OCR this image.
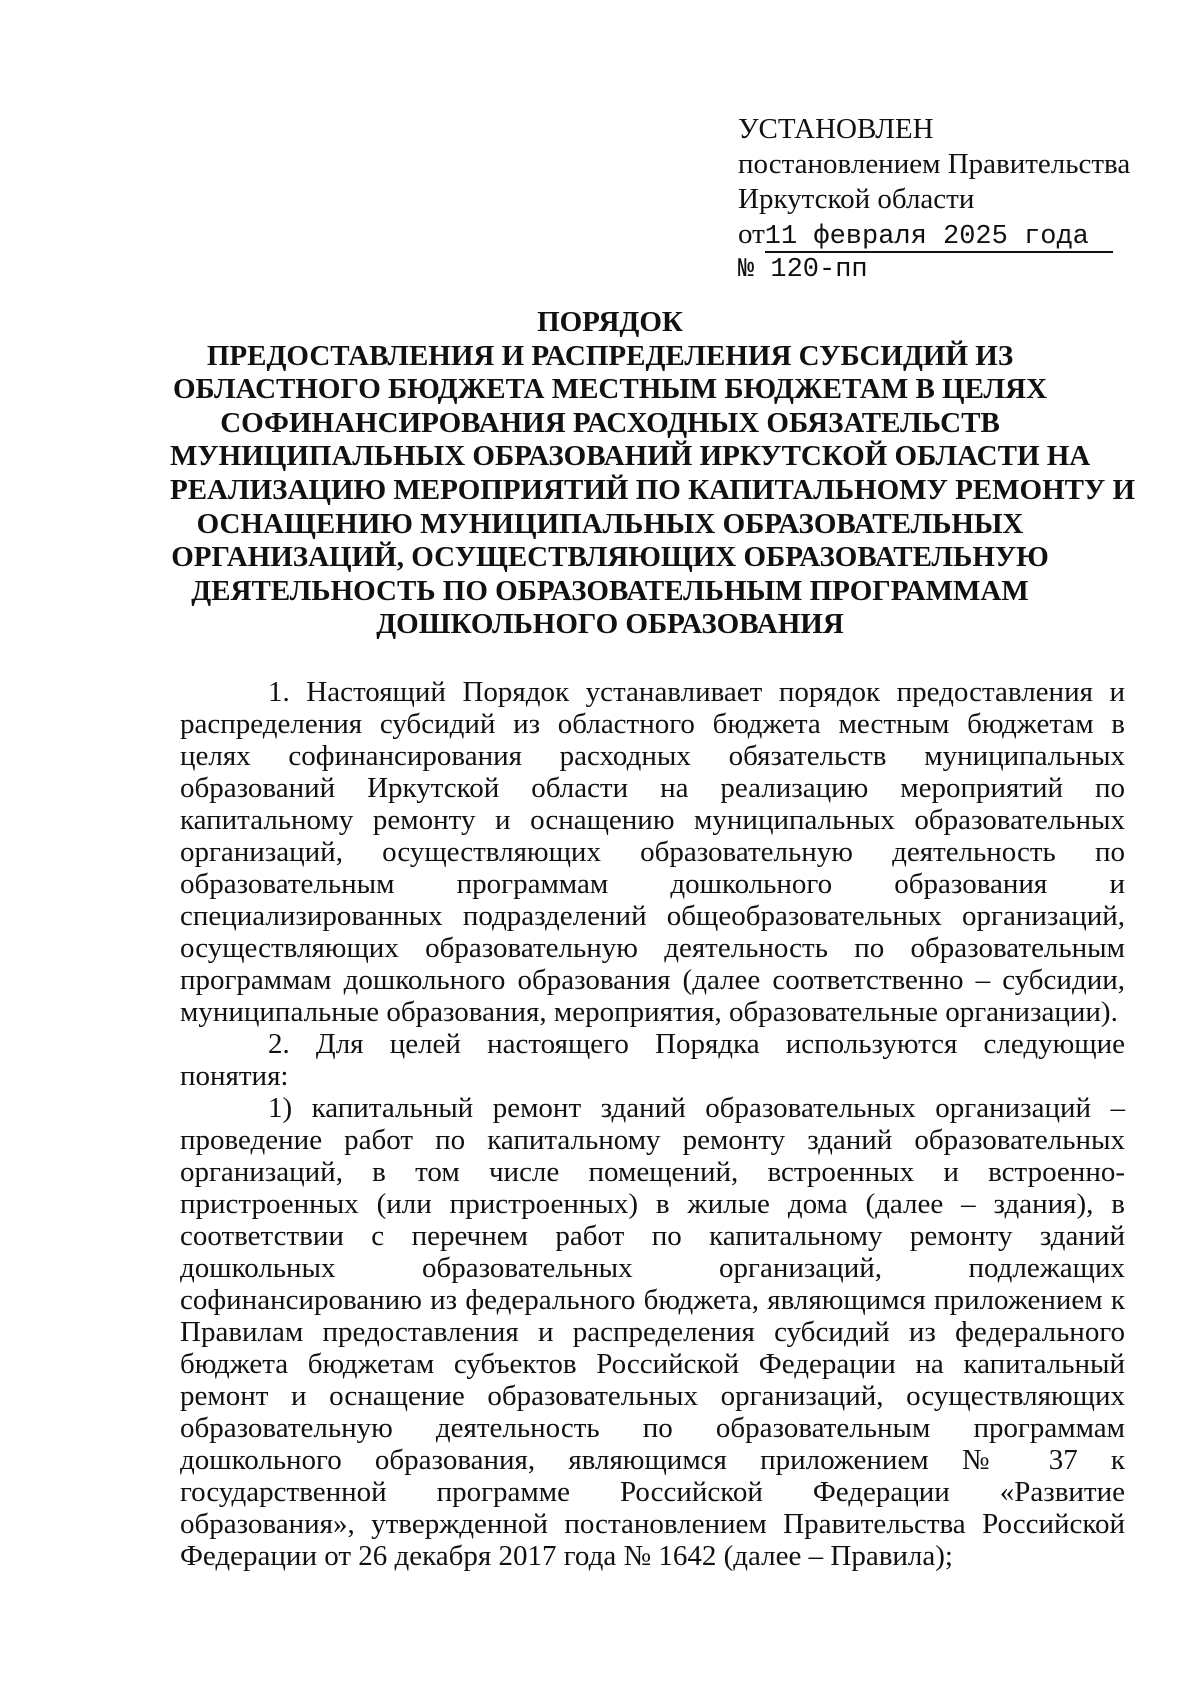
УСТАНОВЛЕН
постановлением Правительства
Иркутской области
от11 февраля 2025 года
№ 120-пп
ПОРЯДОК
ПРЕДОСТАВЛЕНИЯ И РАСПРЕДЕЛЕНИЯ СУБСИДИЙ ИЗ
ОБЛАСТНОГО БЮДЖЕТА МЕСТНЫМ БЮДЖЕТАМ В ЦЕЛЯХ
СОФИНАНСИРОВАНИЯ РАСХОДНЫХ ОБЯЗАТЕЛЬСТВ
МУНИЦИПАЛЬНЫХ ОБРАЗОВАНИЙ ИРКУТСКОЙ ОБЛАСТИ НА
РЕАЛИЗАЦИЮ МЕРОПРИЯТИЙ ПО КАПИТАЛЬНОМУ РЕМОНТУ И
ОСНАЩЕНИЮ МУНИЦИПАЛЬНЫХ ОБРАЗОВАТЕЛЬНЫХ
ОРГАНИЗАЦИЙ, ОСУЩЕСТВЛЯЮЩИХ ОБРАЗОВАТЕЛЬНУЮ
ДЕЯТЕЛЬНОСТЬ ПО ОБРАЗОВАТЕЛЬНЫМ ПРОГРАММАМ
ДОШКОЛЬНОГО ОБРАЗОВАНИЯ

1. Настоящий Порядок устанавливает порядок предоставления и распределения субсидий из областного бюджета местным бюджетам в целях софинансирования расходных обязательств муниципальных образований Иркутской области на реализацию мероприятий по капитальному ремонту и оснащению муниципальных образовательных организаций, осуществляющих образовательную деятельность по образовательным программам дошкольного образования и специализированных подразделений общеобразовательных организаций, осуществляющих образовательную деятельность по образовательным программам дошкольного образования (далее соответственно – субсидии, муниципальные образования, мероприятия, образовательные организации).

2. Для целей настоящего Порядка используются следующие понятия:

1) капитальный ремонт зданий образовательных организаций – проведение работ по капитальному ремонту зданий образовательных организаций, в том числе помещений, встроенных и встроенно-пристроенных (или пристроенных) в жилые дома (далее – здания), в соответствии с перечнем работ по капитальному ремонту зданий дошкольных образовательных организаций, подлежащих софинансированию из федерального бюджета, являющимся приложением к Правилам предоставления и распределения субсидий из федерального бюджета бюджетам субъектов Российской Федерации на капитальный ремонт и оснащение образовательных организаций, осуществляющих образовательную деятельность по образовательным программам дошкольного образования, являющимся приложением № 37 к государственной программе Российской Федерации «Развитие образования», утвержденной постановлением Правительства Российской Федерации от 26 декабря 2017 года № 1642 (далее – Правила);
